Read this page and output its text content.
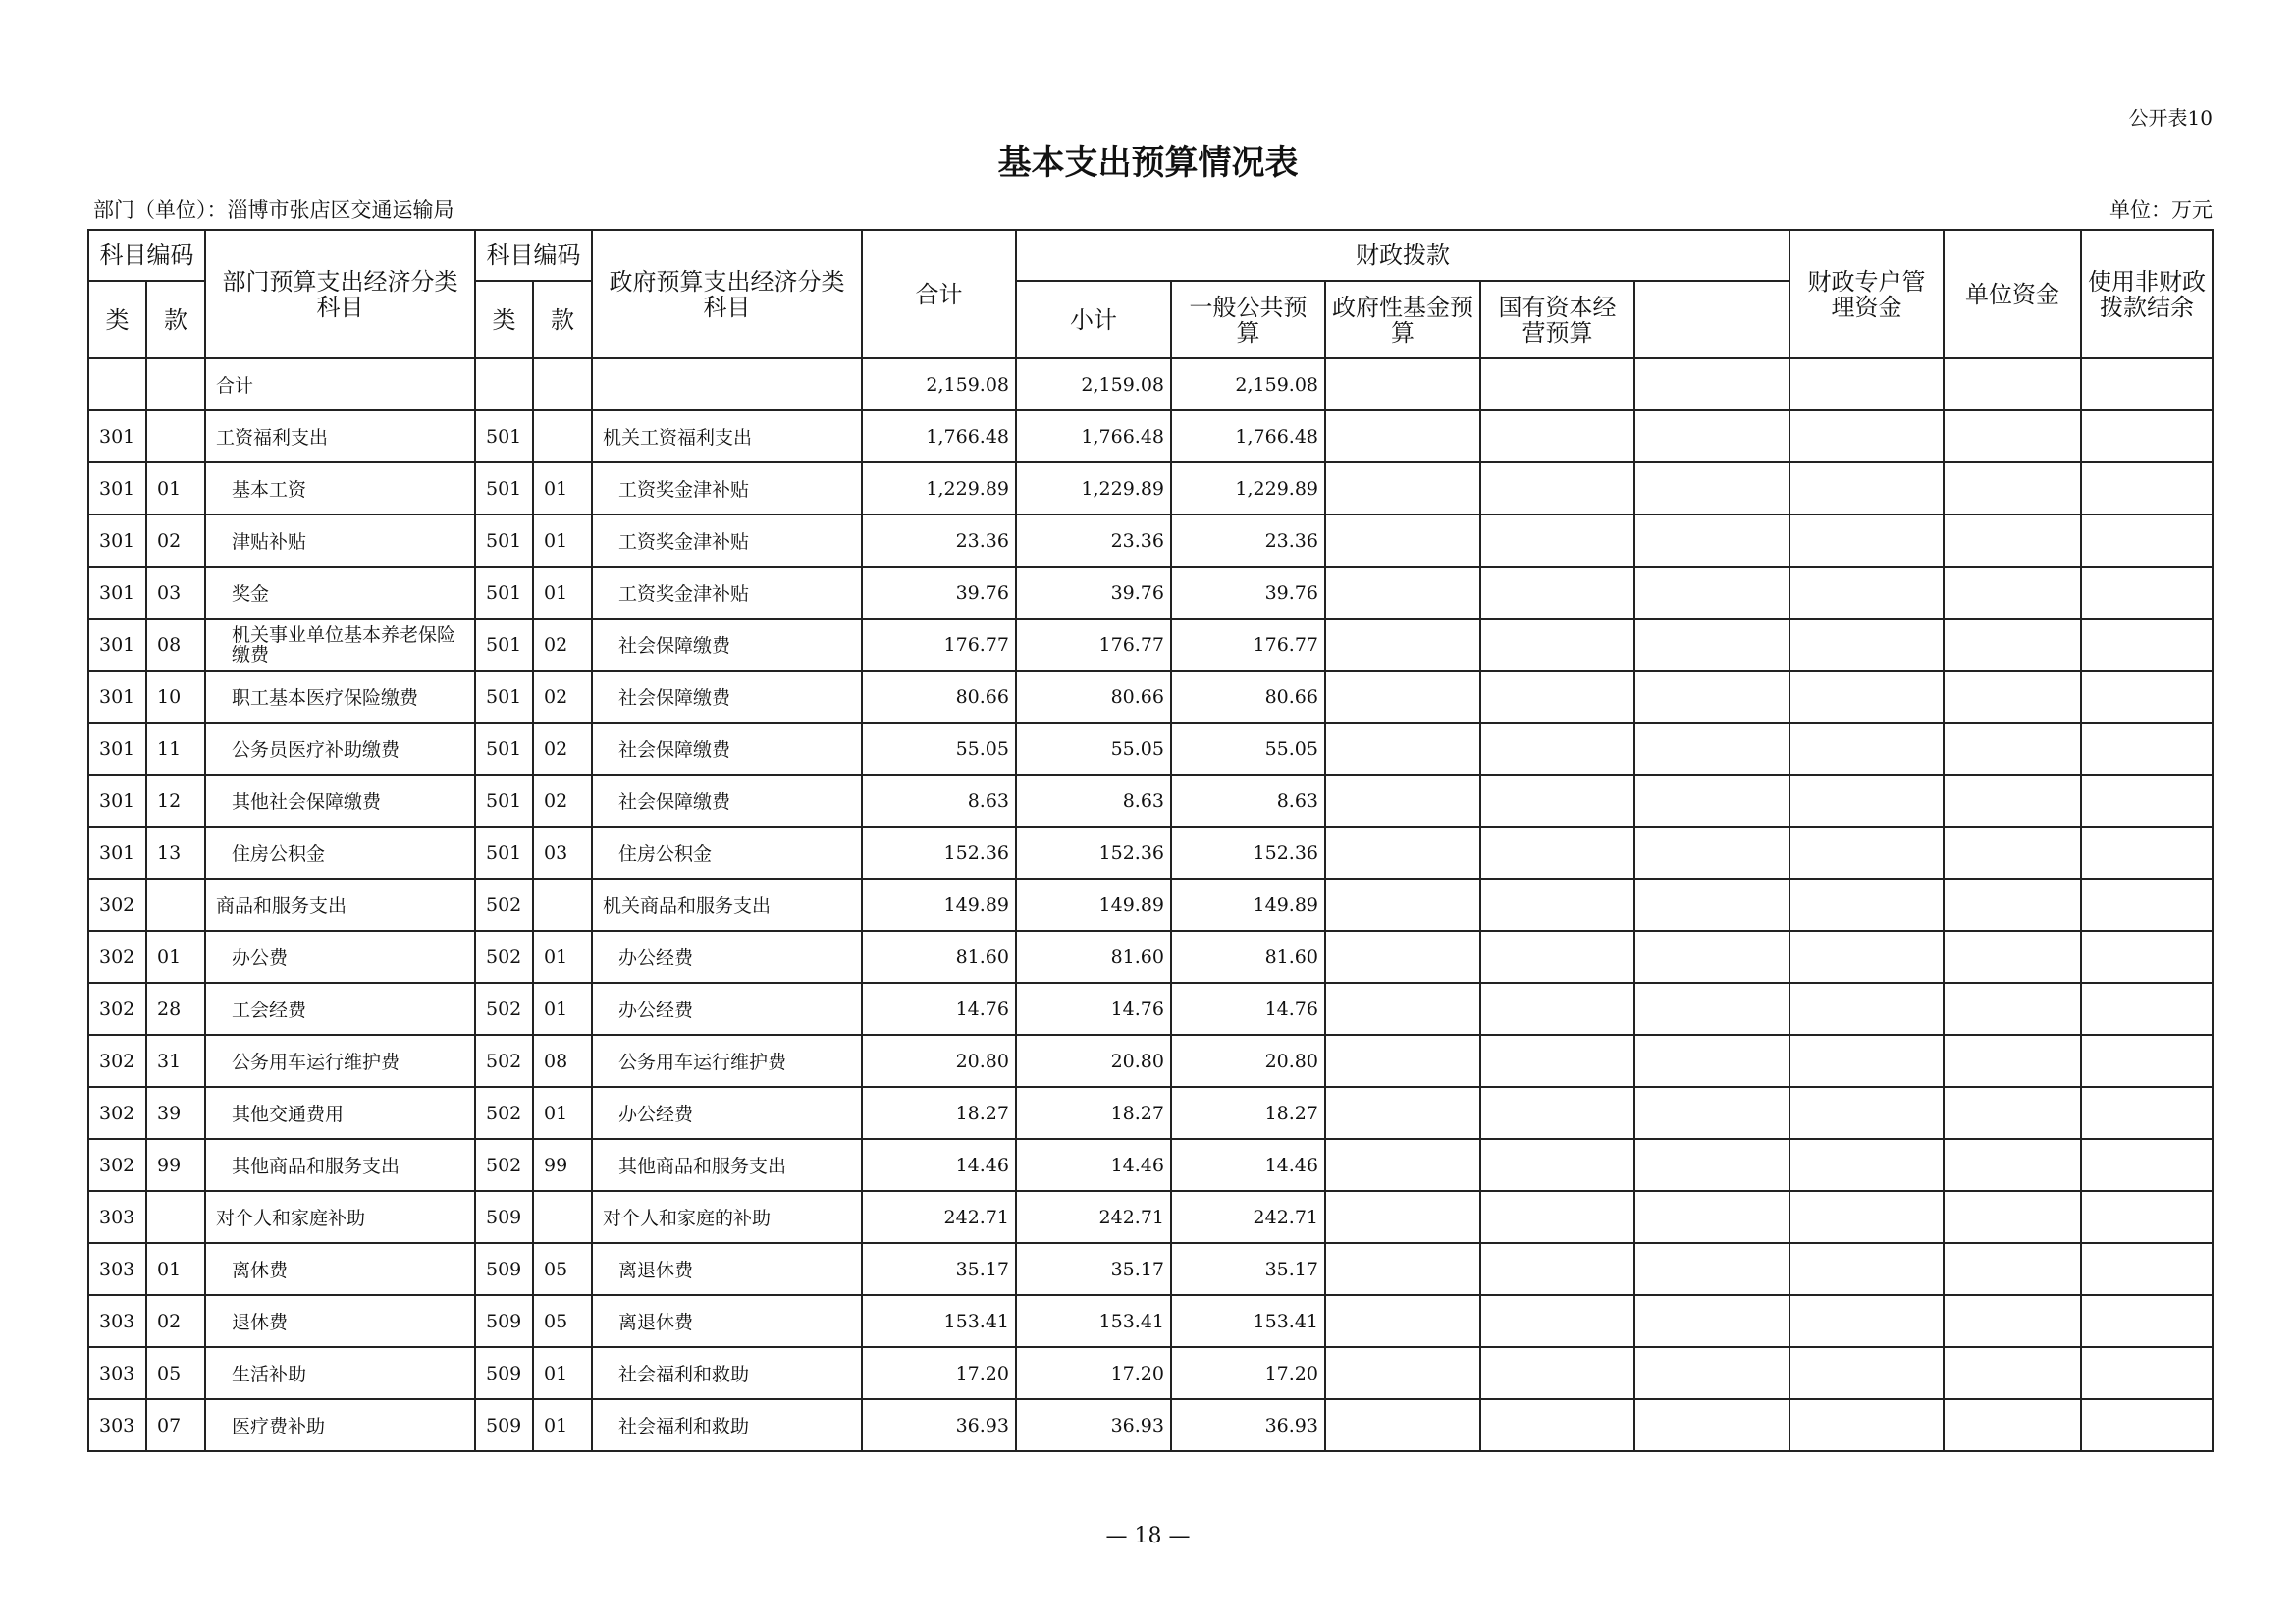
公开表10
基本支出预算情况表
部门（单位）：淄博市张店区交通运输局	单位：万元
科目编码		部门预算支出经济分类科目	科目编码		政府预算支出经济分类科目	合计	财政拨款					财政专户管理资金	单位资金	使用非财政拨款结余	
类	款		类	款			小计	一般公共预算	政府性基金预算	国有资本经营预算					
		合计				2,159.08	2,159.08	2,159.08							
301		工资福利支出	501		机关工资福利支出	1,766.48	1,766.48	1,766.48							
301	01	基本工资	501	01	工资奖金津补贴	1,229.89	1,229.89	1,229.89							
301	02	津贴补贴	501	01	工资奖金津补贴	23.36	23.36	23.36							
301	03	奖金	501	01	工资奖金津补贴	39.76	39.76	39.76							
301	08	机关事业单位基本养老保险缴费	501	02	社会保障缴费	176.77	176.77	176.77							
301	10	职工基本医疗保险缴费	501	02	社会保障缴费	80.66	80.66	80.66							
301	11	公务员医疗补助缴费	501	02	社会保障缴费	55.05	55.05	55.05							
301	12	其他社会保障缴费	501	02	社会保障缴费	8.63	8.63	8.63							
301	13	住房公积金	501	03	住房公积金	152.36	152.36	152.36							
302		商品和服务支出	502		机关商品和服务支出	149.89	149.89	149.89							
302	01	办公费	502	01	办公经费	81.60	81.60	81.60							
302	28	工会经费	502	01	办公经费	14.76	14.76	14.76							
302	31	公务用车运行维护费	502	08	公务用车运行维护费	20.80	20.80	20.80							
302	39	其他交通费用	502	01	办公经费	18.27	18.27	18.27							
302	99	其他商品和服务支出	502	99	其他商品和服务支出	14.46	14.46	14.46							
303		对个人和家庭补助	509		对个人和家庭的补助	242.71	242.71	242.71							
303	01	离休费	509	05	离退休费	35.17	35.17	35.17							
303	02	退休费	509	05	离退休费	153.41	153.41	153.41							
303	05	生活补助	509	01	社会福利和救助	17.20	17.20	17.20							
303	07	医疗费补助	509	01	社会福利和救助	36.93	36.93	36.93							
— 18 —
